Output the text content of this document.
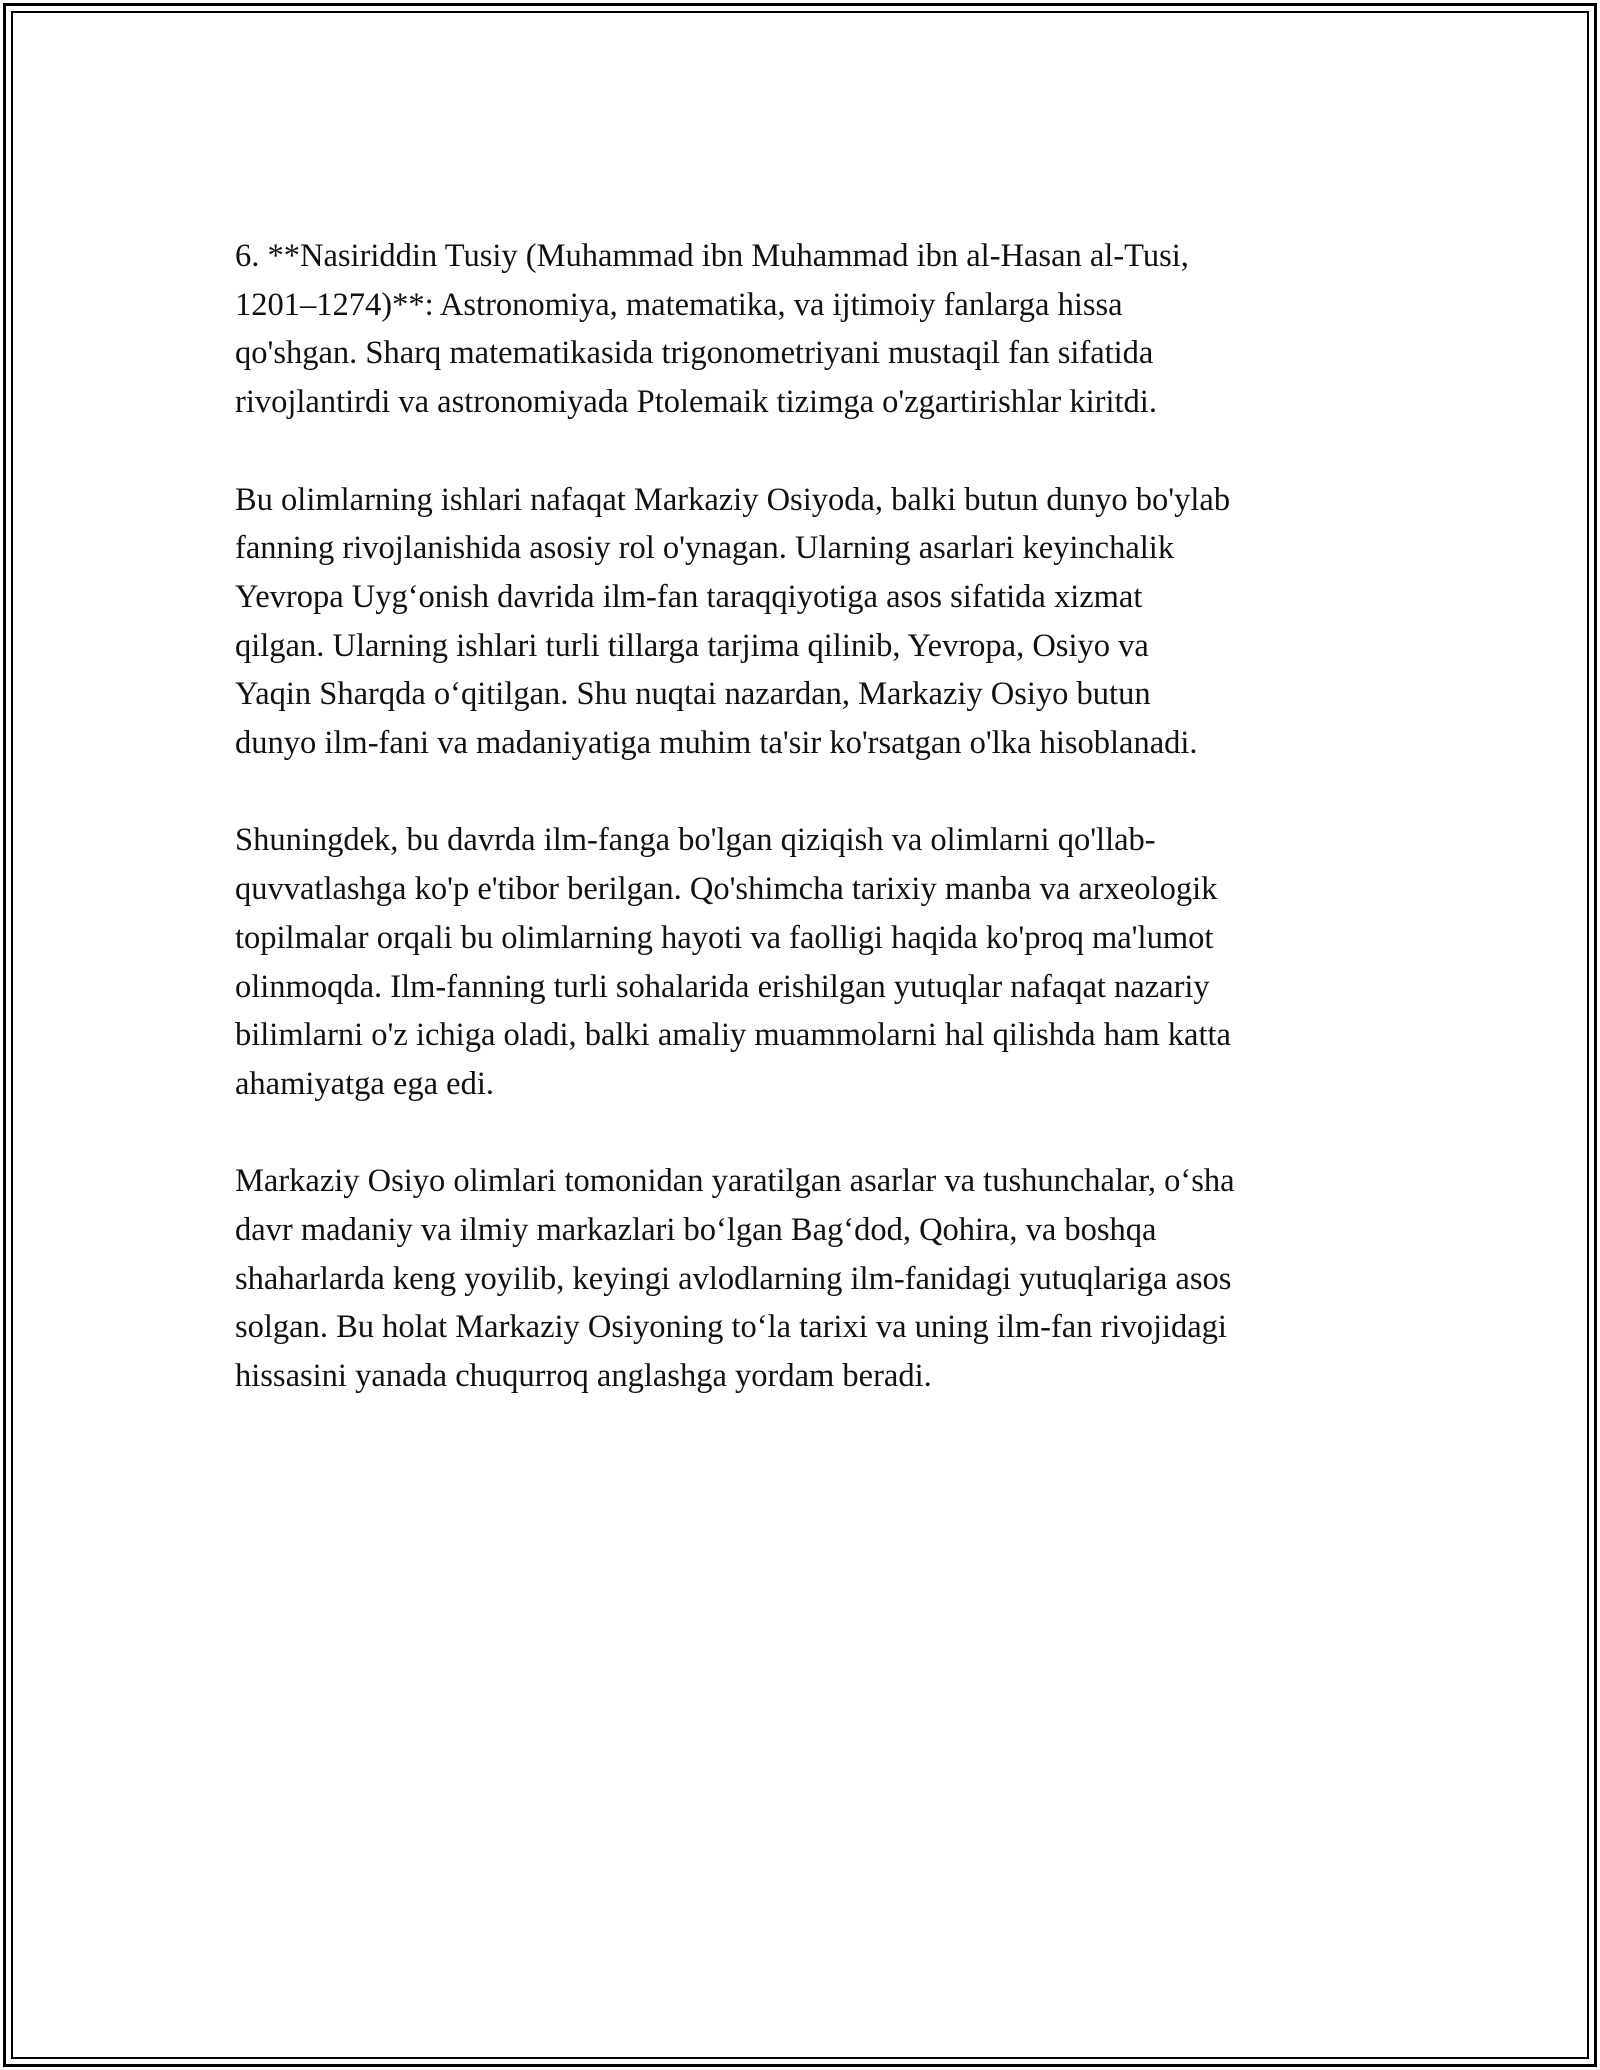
6. **Nasiriddin Tusiy (Muhammad ibn Muhammad ibn al-Hasan al-Tusi,
1201–1274)**: Astronomiya, matematika, va ijtimoiy fanlarga hissa
qo'shgan. Sharq matematikasida trigonometriyani mustaqil fan sifatida
rivojlantirdi va astronomiyada Ptolemaik tizimga o'zgartirishlar kiritdi.

Bu olimlarning ishlari nafaqat Markaziy Osiyoda, balki butun dunyo bo'ylab
fanning rivojlanishida asosiy rol o'ynagan. Ularning asarlari keyinchalik
Yevropa Uyg‘onish davrida ilm-fan taraqqiyotiga asos sifatida xizmat
qilgan. Ularning ishlari turli tillarga tarjima qilinib, Yevropa, Osiyo va
Yaqin Sharqda o‘qitilgan. Shu nuqtai nazardan, Markaziy Osiyo butun
dunyo ilm-fani va madaniyatiga muhim ta'sir ko'rsatgan o'lka hisoblanadi.

Shuningdek, bu davrda ilm-fanga bo'lgan qiziqish va olimlarni qo'llab-
quvvatlashga ko'p e'tibor berilgan. Qo'shimcha tarixiy manba va arxeologik
topilmalar orqali bu olimlarning hayoti va faolligi haqida ko'proq ma'lumot
olinmoqda. Ilm-fanning turli sohalarida erishilgan yutuqlar nafaqat nazariy
bilimlarni o'z ichiga oladi, balki amaliy muammolarni hal qilishda ham katta
ahamiyatga ega edi.

Markaziy Osiyo olimlari tomonidan yaratilgan asarlar va tushunchalar, o‘sha
davr madaniy va ilmiy markazlari bo‘lgan Bag‘dod, Qohira, va boshqa
shaharlarda keng yoyilib, keyingi avlodlarning ilm-fanidagi yutuqlariga asos
solgan. Bu holat Markaziy Osiyoning to‘la tarixi va uning ilm-fan rivojidagi
hissasini yanada chuqurroq anglashga yordam beradi.
